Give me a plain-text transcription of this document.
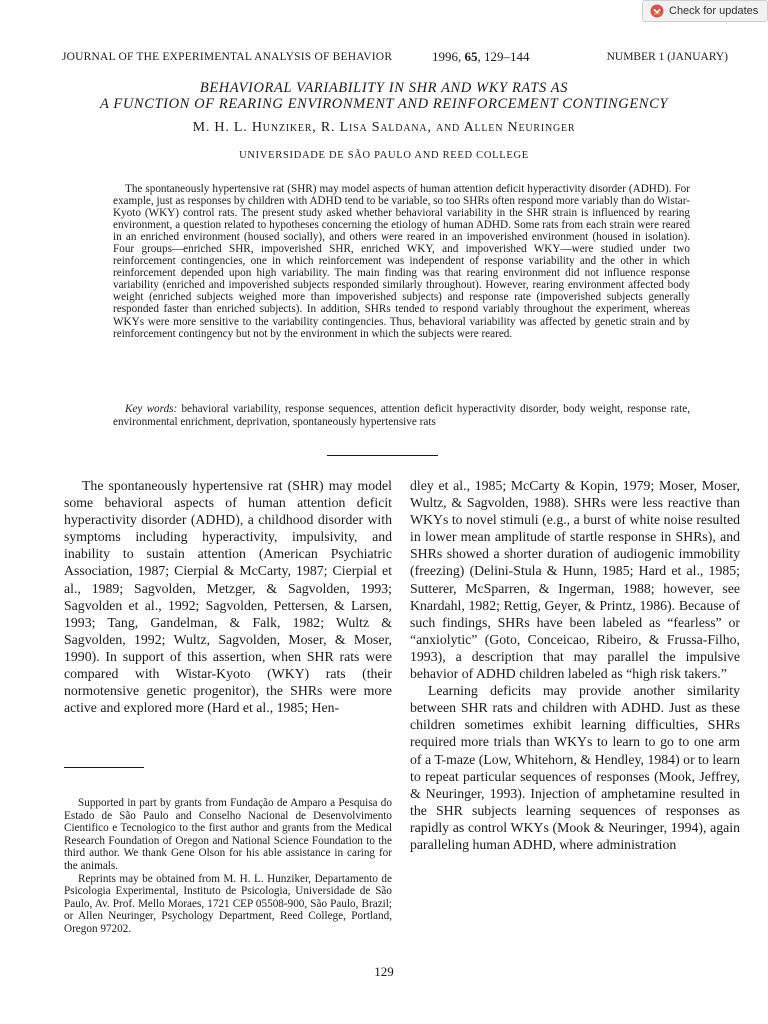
Check for updates
JOURNAL OF THE EXPERIMENTAL ANALYSIS OF BEHAVIOR	1996, 65, 129–144	NUMBER 1 (JANUARY)
BEHAVIORAL VARIABILITY IN SHR AND WKY RATS AS
A FUNCTION OF REARING ENVIRONMENT AND REINFORCEMENT CONTINGENCY
M. H. L. Hunziker, R. Lisa Saldana, and Allen Neuringer
UNIVERSIDADE DE SÃO PAULO AND REED COLLEGE

The spontaneously hypertensive rat (SHR) may model aspects of human attention deficit hyperactivity disorder (ADHD). For example, just as responses by children with ADHD tend to be variable, so too SHRs often respond more variably than do Wistar-Kyoto (WKY) control rats. The present study asked whether behavioral variability in the SHR strain is influenced by rearing environment, a question related to hypotheses concerning the etiology of human ADHD. Some rats from each strain were reared in an enriched environment (housed socially), and others were reared in an impoverished environment (housed in isolation). Four groups—enriched SHR, impoverished SHR, enriched WKY, and impoverished WKY—were studied under two reinforcement contingencies, one in which reinforcement was independent of response variability and the other in which reinforcement depended upon high variability. The main finding was that rearing environment did not influence response variability (enriched and impoverished subjects responded similarly throughout). However, rearing environment affected body weight (enriched subjects weighed more than impoverished subjects) and response rate (impoverished subjects generally responded faster than enriched subjects). In addition, SHRs tended to respond variably throughout the experiment, whereas WKYs were more sensitive to the variability contingencies. Thus, behavioral variability was affected by genetic strain and by reinforcement contingency but not by the environment in which the subjects were reared.

Key words: behavioral variability, response sequences, attention deficit hyperactivity disorder, body weight, response rate, environmental enrichment, deprivation, spontaneously hypertensive rats

The spontaneously hypertensive rat (SHR) may model some behavioral aspects of human attention deficit hyperactivity disorder (ADHD), a childhood disorder with symptoms including hyperactivity, impulsivity, and inability to sustain attention (American Psychiatric Association, 1987; Cierpial & McCarty, 1987; Cierpial et al., 1989; Sagvolden, Metzger, & Sagvolden, 1993; Sagvolden et al., 1992; Sagvolden, Pettersen, & Larsen, 1993; Tang, Gandelman, & Falk, 1982; Wultz & Sagvolden, 1992; Wultz, Sagvolden, Moser, & Moser, 1990). In support of this assertion, when SHR rats were compared with Wistar-Kyoto (WKY) rats (their normotensive genetic progenitor), the SHRs were more active and explored more (Hard et al., 1985; Hen-

Supported in part by grants from Fundação de Amparo a Pesquisa do Estado de São Paulo and Conselho Nacional de Desenvolvimento Cientifico e Tecnologico to the first author and grants from the Medical Research Foundation of Oregon and National Science Foundation to the third author. We thank Gene Olson for his able assistance in caring for the animals.

Reprints may be obtained from M. H. L. Hunziker, Departamento de Psicologia Experimental, Instituto de Psicologia, Universidade de São Paulo, Av. Prof. Mello Moraes, 1721 CEP 05508-900, São Paulo, Brazil; or Allen Neuringer, Psychology Department, Reed College, Portland, Oregon 97202.

dley et al., 1985; McCarty & Kopin, 1979; Moser, Moser, Wultz, & Sagvolden, 1988). SHRs were less reactive than WKYs to novel stimuli (e.g., a burst of white noise resulted in lower mean amplitude of startle response in SHRs), and SHRs showed a shorter duration of audiogenic immobility (freezing) (Delini-Stula & Hunn, 1985; Hard et al., 1985; Sutterer, McSparren, & Ingerman, 1988; however, see Knardahl, 1982; Rettig, Geyer, & Printz, 1986). Because of such findings, SHRs have been labeled as “fearless” or “anxiolytic” (Goto, Conceicao, Ribeiro, & Frussa-Filho, 1993), a description that may parallel the impulsive behavior of ADHD children labeled as “high risk takers.”

Learning deficits may provide another similarity between SHR rats and children with ADHD. Just as these children sometimes exhibit learning difficulties, SHRs required more trials than WKYs to learn to go to one arm of a T-maze (Low, Whitehorn, & Hendley, 1984) or to learn to repeat particular sequences of responses (Mook, Jeffrey, & Neuringer, 1993). Injection of amphetamine resulted in the SHR subjects learning sequences of responses as rapidly as control WKYs (Mook & Neuringer, 1994), again paralleling human ADHD, where administration

129
